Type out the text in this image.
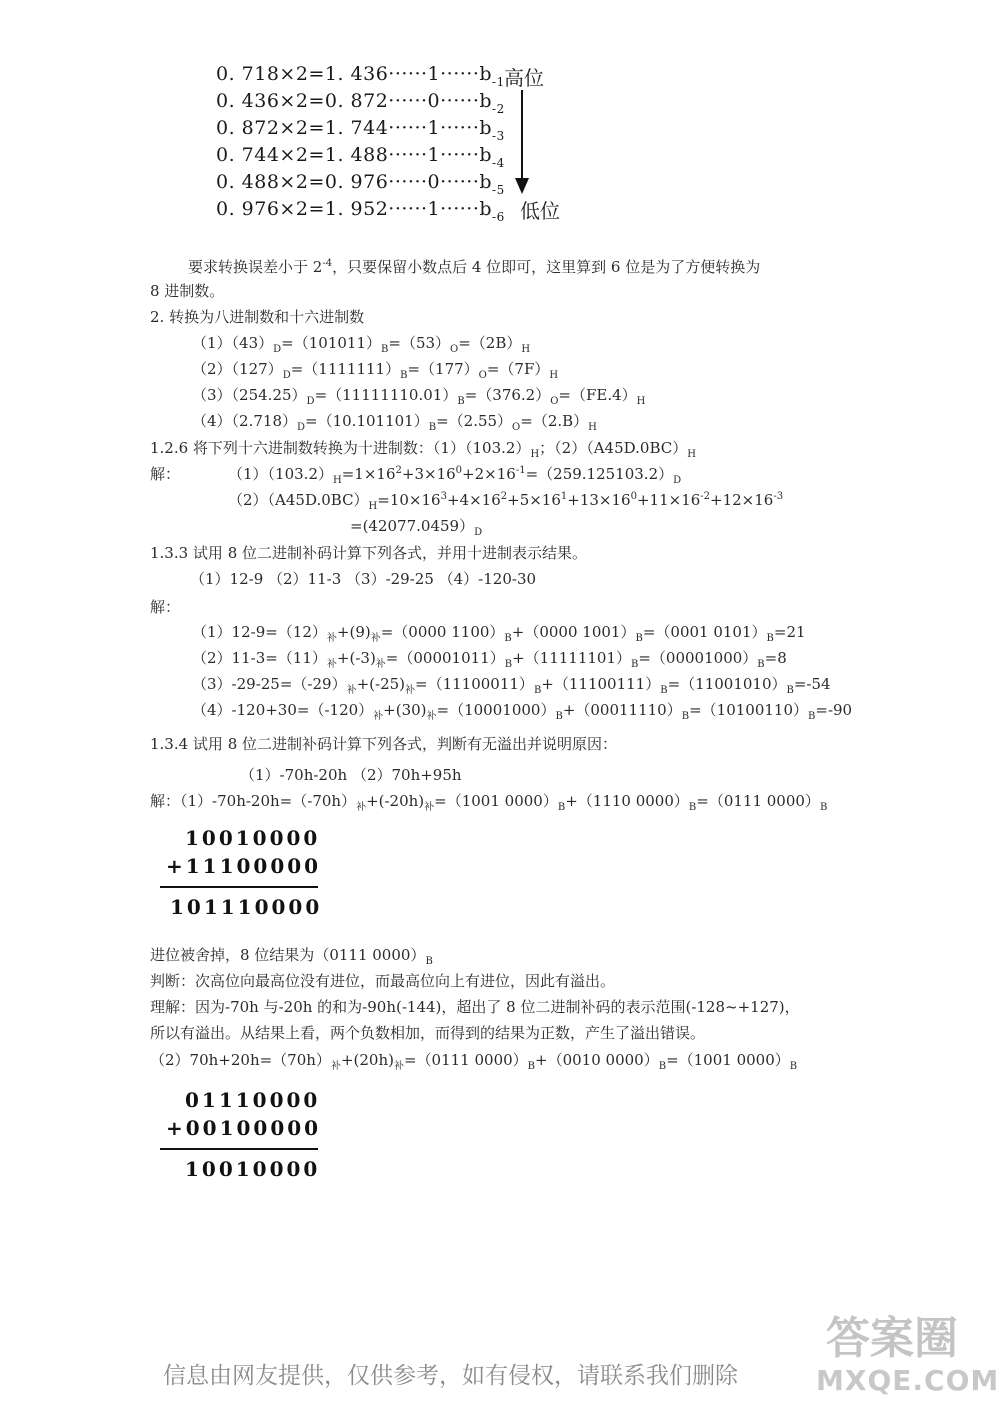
0. 718×2=1. $436\cdot\cdot\cdot\cdot\cdot\cdot 1\cdot\cdot\cdot\cdot\cdot\cdot b_{-1}$
0. 436×2=0. $872\cdot\cdot\cdot\cdot\cdot\cdot 0\cdot\cdot\cdot\cdot\cdot\cdot b_{-2}$
0. 872×2=1. $744\cdot\cdot\cdot\cdot\cdot\cdot 1\cdot\cdot\cdot\cdot\cdot\cdot b_{-3}$
0. 744×2=1. $488\cdot\cdot\cdot\cdot\cdot\cdot 1\cdot\cdot\cdot\cdot\cdot\cdot b_{-4}$
0. 488×2=0. $976\cdot\cdot\cdot\cdot\cdot\cdot 0\cdot\cdot\cdot\cdot\cdot\cdot b_{-5}$
0. 976×2=1. $952\cdot\cdot\cdot\cdot\cdot\cdot 1\cdot\cdot\cdot\cdot\cdot\cdot b_{-6}$
高位
低位
要求转换误差小于 $2^{-4}$，只要保留小数点后 4 位即可，这里算到 6 位是为了方便转换为
8 进制数。
2. 转换为八进制数和十六进制数
$(1)(43)_D=(101011)_B=(53)_O=(2B)_H$
$(2)(127)_D=(1111111)_B=(177)_O=(7F)_H$
$(3)(254.25)_D=(11111110.01)_B=(376.2)_O=(FE.4)_H$
$(4)(2.718)_D=(10.101101)_B=(2.55)_O=(2.B)_H$
1.2.6 将下列十六进制数转换为十进制数：$(1)(103.2)_H$；$(2)(A45D.0BC)_H$
解：	$(1)(103.2)_H=1\times 16^2+3\times 16^0+2\times 16^{-1}=(259.125103.2)_D$
$(2)(A45D.0BC)_H=10\times 16^3+4\times 16^2+5\times 16^1+13\times 16^0+11\times 16^{-2}+12\times 16^{-3}$
$=(42077.0459)_D$
1.3.3 试用 8 位二进制补码计算下列各式，并用十进制表示结果。
（1）12-9 （2）11-3 （3）-29-25 （4）-120-30
解：
$(1)12-9=(12)_补+(9)_补=(0000$ $1100)_B+(0000$ $1001)_B=(0001$ $0101)_B=21$
$(2)11-3=(11)_补+(-3)_补=(00001011)_B+(11111101)_B=(00001000)_B=8$
$(3)-29-25=(-29)_补+(-25)_补=(11100011)_B+(11100111)_B=(11001010)_B=-54$
$(4)-120+30=(-120)_补+(30)_补=(10001000)_B+(00011110)_B=(10100110)_B=-90$
1.3.4 试用 8 位二进制补码计算下列各式，判断有无溢出并说明原因：
（1）-70h-20h （2）70h+95h
解：$(1)-70h-20h=(-70h)_补+(-20h)_补=(1001$ $0000)_B+(1110$ $0000)_B=(0111$ $0000)_B$
10010000
+11100000
101110000
进位被舍掉，8 位结果为（0111 $0000)_B$
判断：次高位向最高位没有进位，而最高位向上有进位，因此有溢出。
理解：因为-70h 与-20h 的和为-90h(-144)，超出了 8 位二进制补码的表示范围(-128~+127)，
所以有溢出。从结果上看，两个负数相加，而得到的结果为正数，产生了溢出错误。
$(2)70h+20h=(70h)_补+(20h)_补=(0111$ $0000)_B+(0010$ $0000)_B=(1001$ $0000)_B$
01110000
+00100000
10010000
信息由网友提供，仅供参考，如有侵权，请联系我们删除
答案圈
MXQE.COM
